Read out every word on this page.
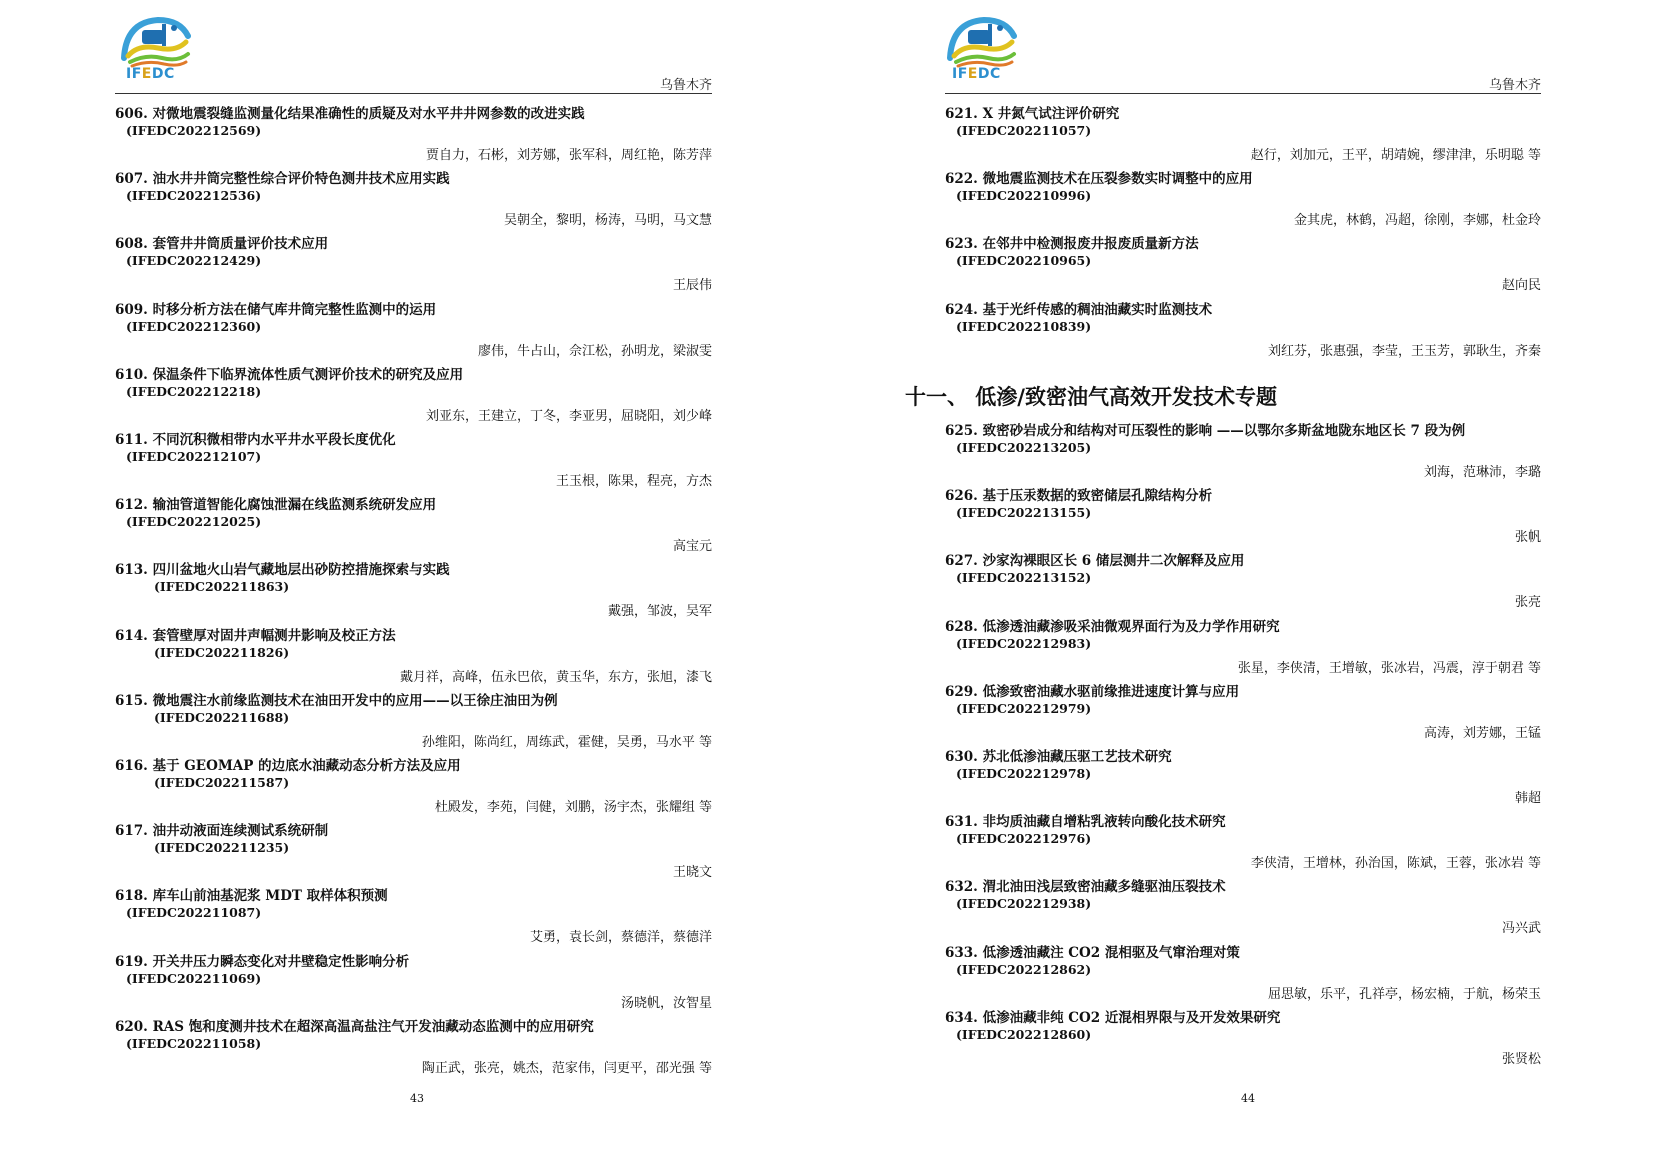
IFEDC
乌鲁木齐
606. 对微地震裂缝监测量化结果准确性的质疑及对水平井井网参数的改进实践
(IFEDC202212569)
贾自力，石彬，刘芳娜，张军科，周红艳，陈芳萍
607. 油水井井筒完整性综合评价特色测井技术应用实践
(IFEDC202212536)
吴朝全，黎明，杨涛，马明，马文慧
608. 套管井井筒质量评价技术应用
(IFEDC202212429)
王辰伟
609. 时移分析方法在储气库井筒完整性监测中的运用
(IFEDC202212360)
廖伟，牛占山，佘江松，孙明龙，梁淑雯
610. 保温条件下临界流体性质气测评价技术的研究及应用
(IFEDC202212218)
刘亚东，王建立，丁冬，李亚男，屈晓阳，刘少峰
611. 不同沉积微相带内水平井水平段长度优化
(IFEDC202212107)
王玉根，陈果，程亮，方杰
612. 输油管道智能化腐蚀泄漏在线监测系统研发应用
(IFEDC202212025)
高宝元
613. 四川盆地火山岩气藏地层出砂防控措施探索与实践
(IFEDC202211863)
戴强，邹波，吴军
614. 套管壁厚对固井声幅测井影响及校正方法
(IFEDC202211826)
戴月祥，高峰，伍永巴依，黄玉华，东方，张旭，漆飞
615. 微地震注水前缘监测技术在油田开发中的应用——以王徐庄油田为例
(IFEDC202211688)
孙维阳，陈尚红，周练武，霍健，吴勇，马水平 等
616. 基于 GEOMAP 的边底水油藏动态分析方法及应用
(IFEDC202211587)
杜殿发，李苑，闫健，刘鹏，汤宇杰，张耀组 等
617. 油井动液面连续测试系统研制
(IFEDC202211235)
王晓文
618. 库车山前油基泥浆 MDT 取样体积预测
(IFEDC202211087)
艾勇，袁长剑，蔡德洋，蔡德洋
619. 开关井压力瞬态变化对井壁稳定性影响分析
(IFEDC202211069)
汤晓帆，汝智星
620. RAS 饱和度测井技术在超深高温高盐注气开发油藏动态监测中的应用研究
(IFEDC202211058)
陶正武，张亮，姚杰，范家伟，闫更平，邵光强 等
43
IFEDC
乌鲁木齐
十一、 低渗/致密油气高效开发技术专题
621. X 井氮气试注评价研究
(IFEDC202211057)
赵行，刘加元，王平，胡靖婉，缪津津，乐明聪 等
622. 微地震监测技术在压裂参数实时调整中的应用
(IFEDC202210996)
金其虎，林鹤，冯超，徐刚，李娜，杜金玲
623. 在邻井中检测报废井报废质量新方法
(IFEDC202210965)
赵向民
624. 基于光纤传感的稠油油藏实时监测技术
(IFEDC202210839)
刘红芬，张惠强，李莹，王玉芳，郭耿生，齐秦
625. 致密砂岩成分和结构对可压裂性的影响 ——以鄂尔多斯盆地陇东地区长 7 段为例
(IFEDC202213205)
刘海，范琳沛，李璐
626. 基于压汞数据的致密储层孔隙结构分析
(IFEDC202213155)
张帆
627. 沙家沟裸眼区长 6 储层测井二次解释及应用
(IFEDC202213152)
张亮
628. 低渗透油藏渗吸采油微观界面行为及力学作用研究
(IFEDC202212983)
张星，李侠清，王增敏，张冰岩，冯震，淳于朝君 等
629. 低渗致密油藏水驱前缘推进速度计算与应用
(IFEDC202212979)
高涛，刘芳娜，王锰
630. 苏北低渗油藏压驱工艺技术研究
(IFEDC202212978)
韩超
631. 非均质油藏自增粘乳液转向酸化技术研究
(IFEDC202212976)
李侠清，王增林，孙治国，陈斌，王蓉，张冰岩 等
632. 渭北油田浅层致密油藏多缝驱油压裂技术
(IFEDC202212938)
冯兴武
633. 低渗透油藏注 CO2 混相驱及气窜治理对策
(IFEDC202212862)
屈思敏，乐平，孔祥亭，杨宏楠，于航，杨荣玉
634. 低渗油藏非纯 CO2 近混相界限与及开发效果研究
(IFEDC202212860)
张贤松
44
